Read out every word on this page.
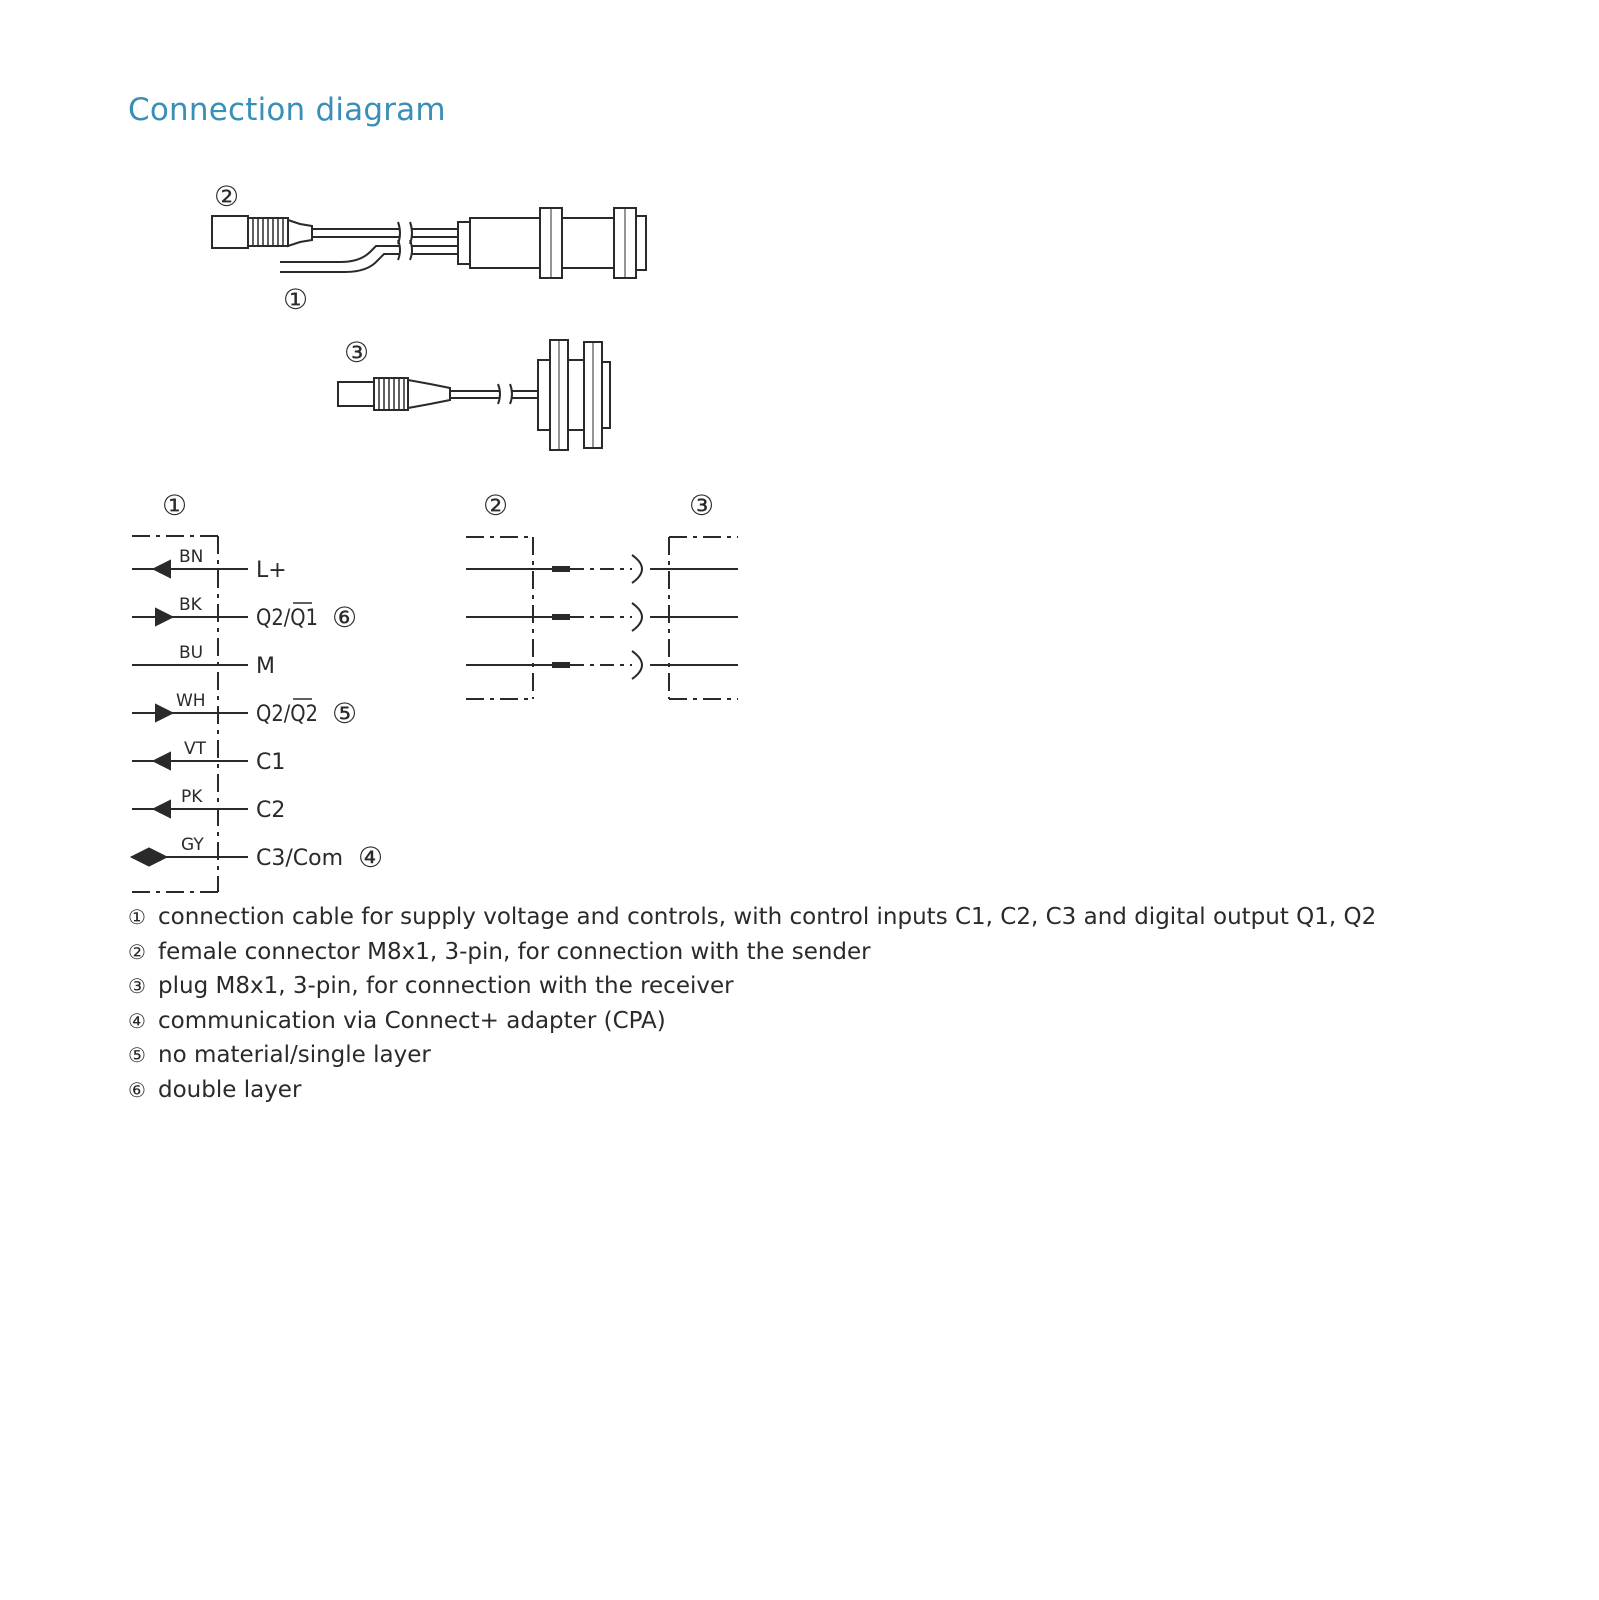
Connection diagram
②
①
③
①
BN
BK
BU
WH
VT
PK
GY
L+
Q2/Q1
M
Q2/Q2
C1
C2
C3/Com
⑥
⑤
④
②	③
① connection cable for supply voltage and controls, with control inputs C1, C2, C3 and digital output Q1, Q2
② female connector M8x1, 3-pin, for connection with the sender
③ plug M8x1, 3-pin, for connection with the receiver
④ communication via Connect+ adapter (CPA)
⑤ no material/single layer
⑥ double layer
